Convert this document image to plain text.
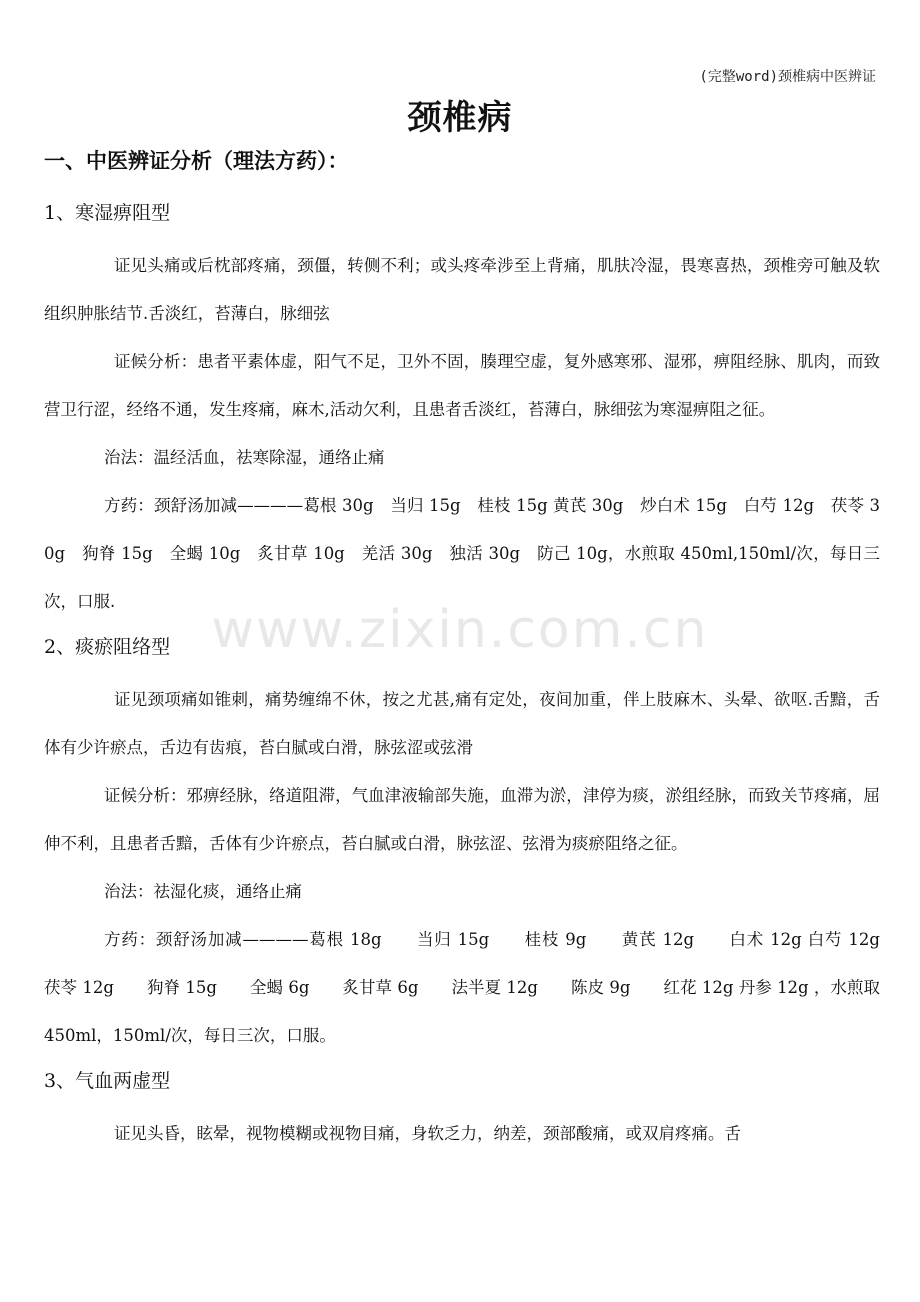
(完整word)颈椎病中医辨证
颈椎病
www.zixin.com.cn
一、中医辨证分析（理法方药）：
1、寒湿痹阻型

证见头痛或后枕部疼痛，颈僵，转侧不利；或头疼牵涉至上背痛，肌肤冷湿，畏寒喜热，颈椎旁可触及软组织肿胀结节.舌淡红，苔薄白，脉细弦

证候分析：患者平素体虚，阳气不足，卫外不固，腠理空虚，复外感寒邪、湿邪，痹阻经脉、肌肉，而致营卫行涩，经络不通，发生疼痛，麻木,活动欠利，且患者舌淡红，苔薄白，脉细弦为寒湿痹阻之征。

治法：温经活血，祛寒除湿，通络止痛

方药：颈舒汤加减————葛根 30g　当归 15g　桂枝 15g 黄芪 30g　炒白术 15g　白芍 12g　茯苓 30g　狗脊 15g　全蝎 10g　炙甘草 10g　羌活 30g　独活 30g　防己 10g，水煎取 450ml,150ml/次，每日三次，口服.

2、痰瘀阻络型

证见颈项痛如锥刺，痛势缠绵不休，按之尤甚,痛有定处，夜间加重，伴上肢麻木、头晕、欲呕.舌黯，舌体有少许瘀点，舌边有齿痕，苔白腻或白滑，脉弦涩或弦滑

证候分析：邪痹经脉，络道阻滞，气血津液输部失施，血滞为淤，津停为痰，淤组经脉，而致关节疼痛，屈伸不利，且患者舌黯，舌体有少许瘀点，苔白腻或白滑，脉弦涩、弦滑为痰瘀阻络之征。

治法：祛湿化痰，通络止痛

方药：颈舒汤加减————葛根 18g　　当归 15g　　桂枝 9g　　黄芪 12g　　白术 12g 白芍 12g　　茯苓 12g　　狗脊 15g　　全蝎 6g　　炙甘草 6g　　法半夏 12g　　陈皮 9g　　红花 12g 丹参 12g ，水煎取 450ml，150ml/次，每日三次，口服。

3、气血两虚型

证见头昏，眩晕，视物模糊或视物目痛，身软乏力，纳差，颈部酸痛，或双肩疼痛。舌
